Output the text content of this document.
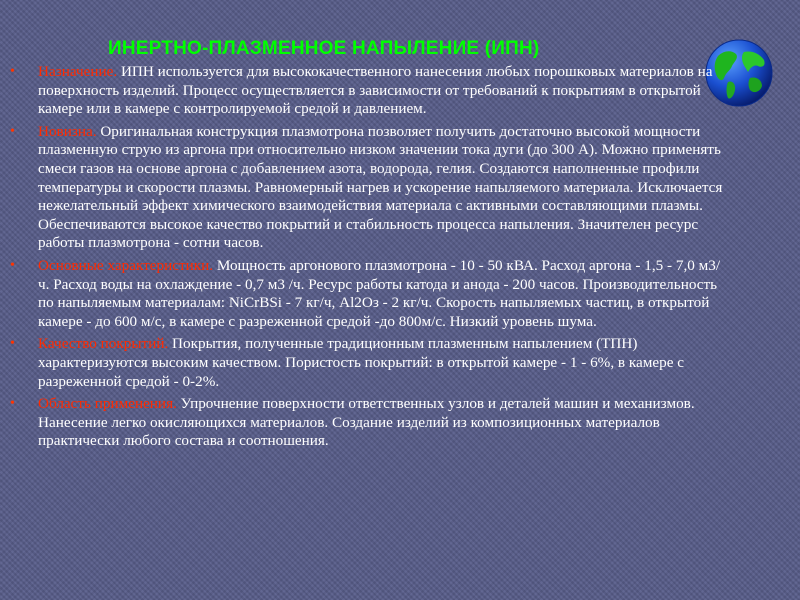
ИНЕРТНО-ПЛАЗМЕННОЕ НАПЫЛЕНИЕ (ИПН)
• Назначение. ИПН используется для высококачественного нанесения любых порошковых материалов на поверхность изделий. Процесс осуществляется в зависимости от требований к покрытиям в открытой камере или в камере с контролируемой средой и давлением.
• Новизна. Оригинальная конструкция плазмотрона позволяет получить достаточно высокой мощности плазменную струю из аргона при относительно низком значении тока дуги (до 300 А). Можно применять смеси газов на основе аргона с добавлением азота, водорода, гелия. Создаются наполненные профили температуры и скорости плазмы. Равномерный нагрев и ускорение напыляемого материала. Исключается нежелательный эффект химического взаимодействия материала с активными составляющими плазмы. Обеспечиваются высокое качество покрытий и стабильность процесса напыления. Значителен ресурс работы плазмотрона - сотни часов.
• Основные характеристики. Мощность аргонового плазмотрона - 10 - 50 кВА. Расход аргона - 1,5 - 7,0 м3/ч. Расход воды на охлаждение - 0,7 м3 /ч. Ресурс работы катода и анода - 200 часов. Производительность по напыляемым материалам: NiCrBSi - 7 кг/ч, Al2Oз - 2 кг/ч. Скорость напыляемых частиц, в открытой камере - до 600 м/с, в камере с разреженной средой -до 800м/с. Низкий уровень шума.
• Качество покрытий. Покрытия, полученные традиционным плазменным напылением (ТПН) характеризуются высоким качеством. Пористость покрытий: в открытой камере - 1 - 6%, в камере с разреженной средой - 0-2%.
• Область применения. Упрочнение поверхности ответственных узлов и деталей машин и механизмов. Нанесение легко окисляющихся материалов. Создание изделий из композиционных материалов практически любого состава и соотношения.
